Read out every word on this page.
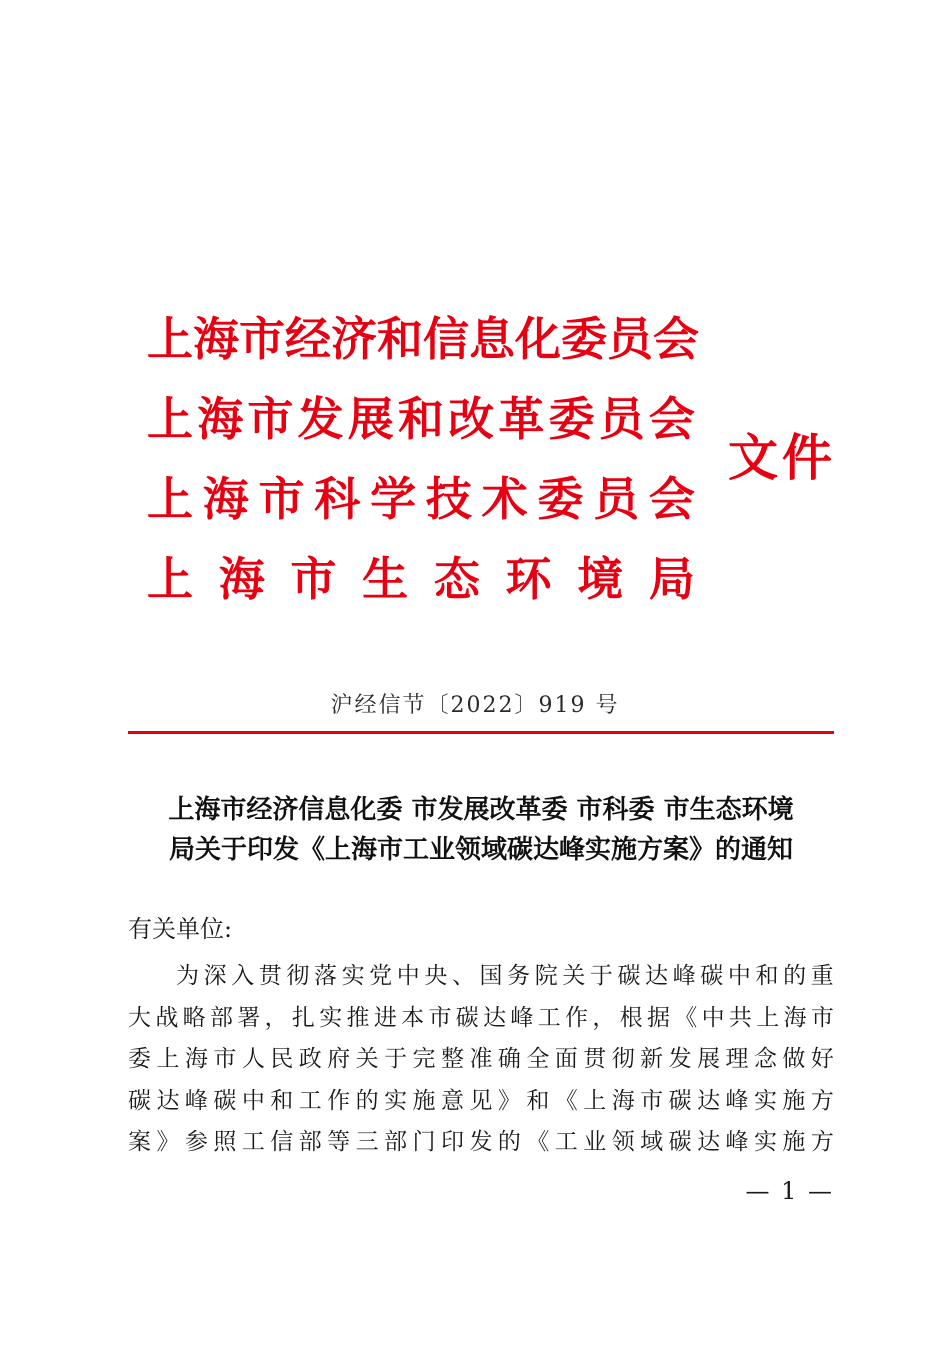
上 海 市 经 济 和 信 息 化 委 员 会
上 海 市 发 展 和 改 革 委 员 会
上 海 市 科 学 技 术 委 员 会
上 海 市 生 态 环 境 局
文件
沪经信节〔2022〕919 号
上海市经济信息化委 市发展改革委 市科委 市生态环境
局关于印发《上海市工业领域碳达峰实施方案》的通知
有关单位:
为 深 入 贯 彻 落 实 党 中 央 、 国 务 院 关 于 碳 达 峰 碳 中 和 的 重
大 战 略 部 署 ， 扎 实 推 进 本 市 碳 达 峰 工 作 ， 根 据 《 中 共 上 海 市
委 上 海 市 人 民 政 府 关 于 完 整 准 确 全 面 贯 彻 新 发 展 理 念 做 好
碳 达 峰 碳 中 和 工 作 的 实 施 意 见 》 和 《 上 海 市 碳 达 峰 实 施 方
案 》 参 照 工 信 部 等 三 部 门 印 发 的 《 工 业 领 域 碳 达 峰 实 施 方
— 1 —
